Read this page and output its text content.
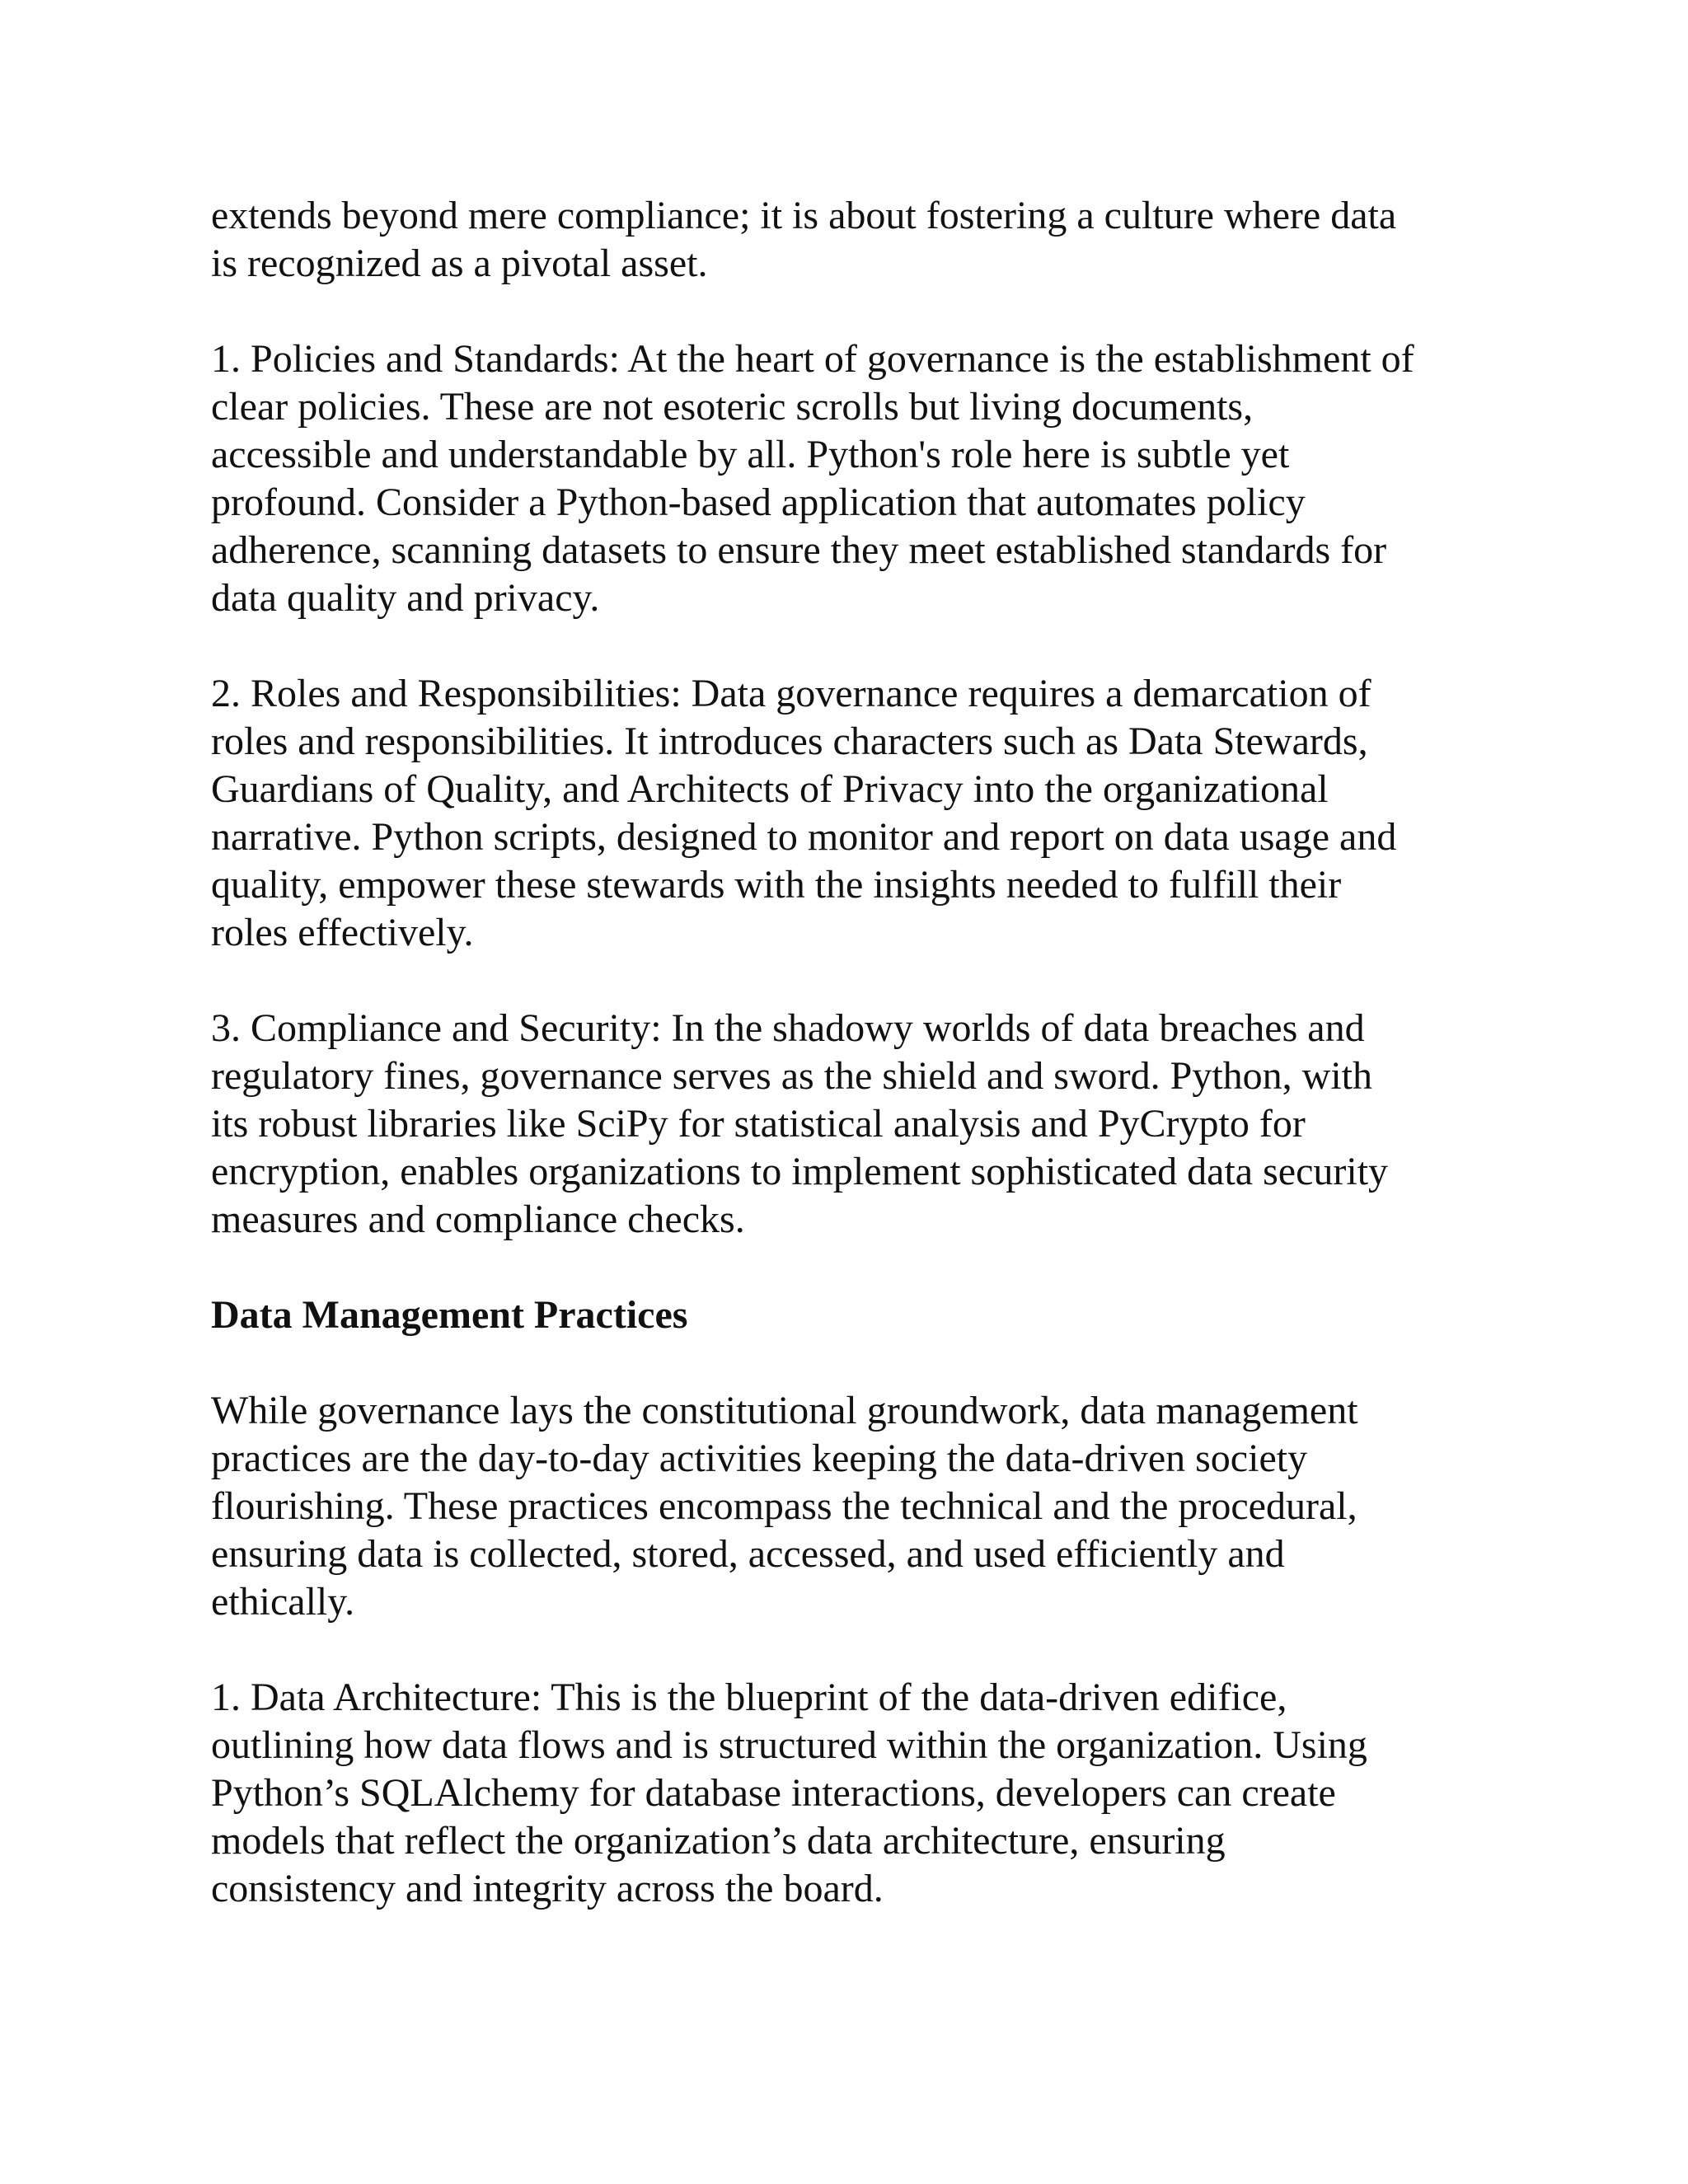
extends beyond mere compliance; it is about fostering a culture where data
is recognized as a pivotal asset.

1. Policies and Standards: At the heart of governance is the establishment of
clear policies. These are not esoteric scrolls but living documents,
accessible and understandable by all. Python's role here is subtle yet
profound. Consider a Python-based application that automates policy
adherence, scanning datasets to ensure they meet established standards for
data quality and privacy.

2. Roles and Responsibilities: Data governance requires a demarcation of
roles and responsibilities. It introduces characters such as Data Stewards,
Guardians of Quality, and Architects of Privacy into the organizational
narrative. Python scripts, designed to monitor and report on data usage and
quality, empower these stewards with the insights needed to fulfill their
roles effectively.

3. Compliance and Security: In the shadowy worlds of data breaches and
regulatory fines, governance serves as the shield and sword. Python, with
its robust libraries like SciPy for statistical analysis and PyCrypto for
encryption, enables organizations to implement sophisticated data security
measures and compliance checks.

Data Management Practices

While governance lays the constitutional groundwork, data management
practices are the day-to-day activities keeping the data-driven society
flourishing. These practices encompass the technical and the procedural,
ensuring data is collected, stored, accessed, and used efficiently and
ethically.

1. Data Architecture: This is the blueprint of the data-driven edifice,
outlining how data flows and is structured within the organization. Using
Python’s SQLAlchemy for database interactions, developers can create
models that reflect the organization’s data architecture, ensuring
consistency and integrity across the board.
